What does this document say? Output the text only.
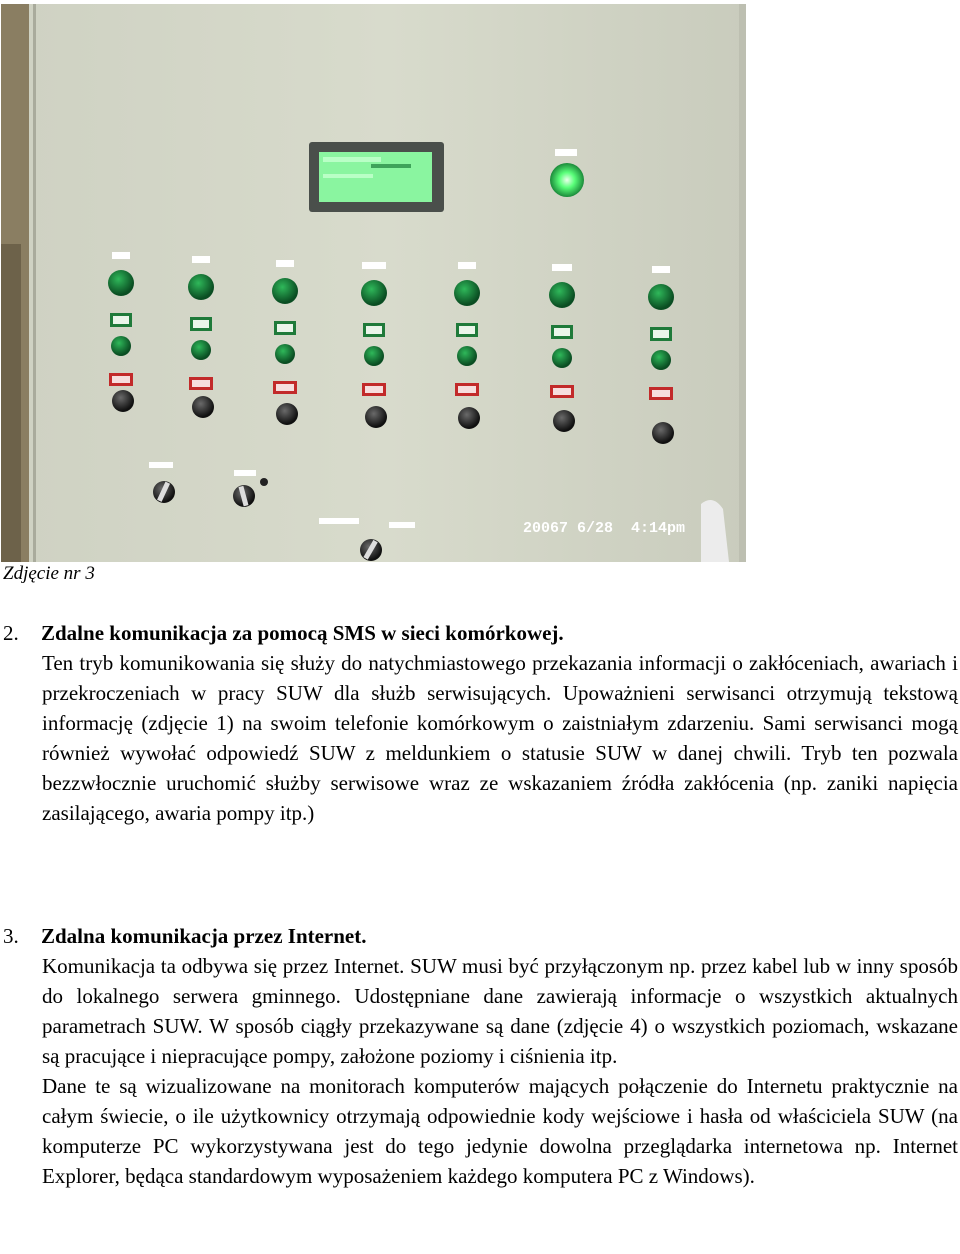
20067 6/28  4:14pm
Zdjęcie nr 3
2. Zdalne komunikacja za pomocą SMS w sieci komórkowej.
Ten tryb komunikowania się służy do natychmiastowego przekazania informacji o zakłóceniach, awariach i przekroczeniach w pracy SUW dla służb serwisujących. Upoważnieni serwisanci otrzymują tekstową informację (zdjęcie 1) na swoim telefonie komórkowym o zaistniałym zdarzeniu. Sami serwisanci mogą również wywołać odpowiedź SUW z meldunkiem o statusie SUW w danej chwili. Tryb ten pozwala bezzwłocznie uruchomić służby serwisowe wraz ze wskazaniem źródła zakłócenia (np. zaniki napięcia zasilającego, awaria pompy itp.)
3. Zdalna komunikacja przez Internet.
Komunikacja ta odbywa się przez Internet. SUW musi być przyłączonym np. przez kabel lub w inny sposób do lokalnego serwera gminnego. Udostępniane dane zawierają informacje o wszystkich aktualnych parametrach SUW. W sposób ciągły przekazywane są dane (zdjęcie 4) o wszystkich poziomach, wskazane są pracujące i niepracujące pompy, założone poziomy i ciśnienia itp.
Dane te są wizualizowane na monitorach komputerów mających połączenie do Internetu praktycznie na całym świecie, o ile użytkownicy otrzymają odpowiednie kody wejściowe i hasła od właściciela SUW (na komputerze PC wykorzystywana jest do tego jedynie dowolna przeglądarka internetowa np. Internet Explorer, będąca standardowym wyposażeniem każdego komputera PC z Windows).
